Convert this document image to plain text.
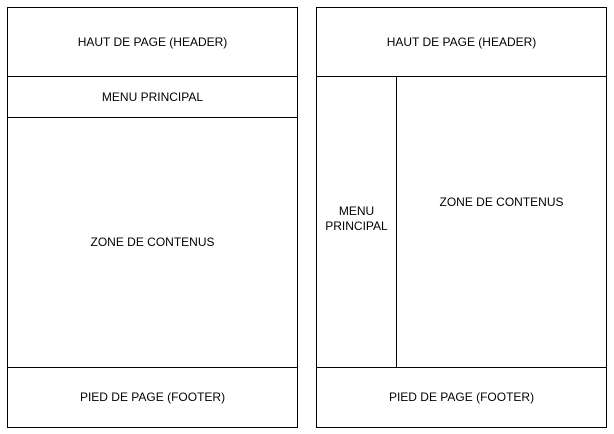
HAUT DE PAGE (HEADER)
MENU PRINCIPAL
ZONE DE CONTENUS
PIED DE PAGE (FOOTER)
HAUT DE PAGE (HEADER)
MENU
PRINCIPAL
ZONE DE CONTENUS
PIED DE PAGE (FOOTER)
